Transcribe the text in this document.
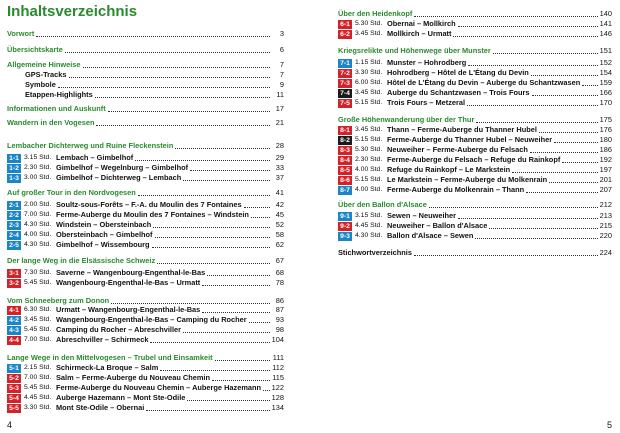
Inhaltsverzeichnis
Vorwort	3
Übersichtskarte	6
Allgemeine Hinweise	7
GPS-Tracks	7
Symbole	9
Etappen-Highlights	11
Informationen und Auskunft	17
Wandern in den Vogesen	21
Lembacher Dichterweg und Ruine Fleckenstein	28
1-1 3.15 Std. Lembach – Gimbelhof	29
1-2 2.30 Std. Gimbelhof – Wegelnburg – Gimbelhof	33
1-3 3.00 Std. Gimbelhof – Dichterweg – Lembach	37
Auf großer Tour in den Nordvogesen	41
2-1 2.00 Std. Soultz-sous-Forêts – F.-A. du Moulin des 7 Fontaines	42
2-2 7.00 Std. Ferme-Auberge du Moulin des 7 Fontaines – Windstein	45
2-3 4.30 Std. Windstein – Obersteinbach	52
2-4 4.00 Std. Obersteinbach – Gimbelhof	58
2-5 4.30 Std. Gimbelhof – Wissembourg	62
Der lange Weg in die Elsässische Schweiz	67
3-1 7.30 Std. Saverne – Wangenbourg-Engenthal-le-Bas	68
3-2 5.45 Std. Wangenbourg-Engenthal-le-Bas – Urmatt	78
Vom Schneeberg zum Donon	86
4-1 6.30 Std. Urmatt – Wangenbourg-Engenthal-le-Bas	87
4-2 3.45 Std. Wangenbourg-Engenthal-le-Bas – Camping du Rocher	93
4-3 5.45 Std. Camping du Rocher – Abreschviller	98
4-4 7.00 Std. Abreschviller – Schirmeck	104
Lange Wege in den Mittelvogesen – Trubel und Einsamkeit	111
5-1 2.15 Std. Schirmeck-La Broque – Salm	112
5-2 7.00 Std. Salm – Ferme-Auberge du Nouveau Chemin	115
5-3 5.45 Std. Ferme-Auberge du Nouveau Chemin – Auberge Hazemann 122
5-4 4.45 Std. Auberge Hazemann – Mont Ste-Odile	128
5-5 3.30 Std. Mont Ste-Odile – Obernai	134
Über den Heidenkopf	140
6-1 5.30 Std. Obernai – Mollkirch	141
6-2 3.45 Std. Mollkirch – Urmatt	146
Kriegsrelikte und Höhenwege über Munster	151
7-1 1.15 Std. Munster – Hohrodberg	152
7-2 3.30 Std. Hohrodberg – Hôtel de L'Étang du Devin	154
7-3 6.00 Std. Hôtel de L'Étang du Devin – Auberge du Schantzwasen	159
7-4 3.45 Std. Auberge du Schantzwasen – Trois Fours	166
7-5 5.15 Std. Trois Fours – Metzeral	170
Große Höhenwanderung über der Thur	175
8-1 3.45 Std. Thann – Ferme-Auberge du Thanner Hubel	176
8-2 5.15 Std. Ferme-Auberge du Thanner Hubel – Neuweiher	180
8-3 5.30 Std. Neuweiher – Ferme-Auberge du Felsach	186
8-4 2.30 Std. Ferme-Auberge du Felsach – Refuge du Rainkopf	192
8-5 4.00 Std. Refuge du Rainkopf – Le Markstein	197
8-6 5.15 Std. Le Markstein – Ferme-Auberge du Molkenrain	201
8-7 4.00 Std. Ferme-Auberge du Molkenrain – Thann	207
Über den Ballon d'Alsace	212
9-1 3.15 Std. Sewen – Neuweiher	213
9-2 4.45 Std. Neuweiher – Ballon d'Alsace	215
9-3 4.30 Std. Ballon d'Alsace – Sewen	220
Stichwortverzeichnis	224
4	5
